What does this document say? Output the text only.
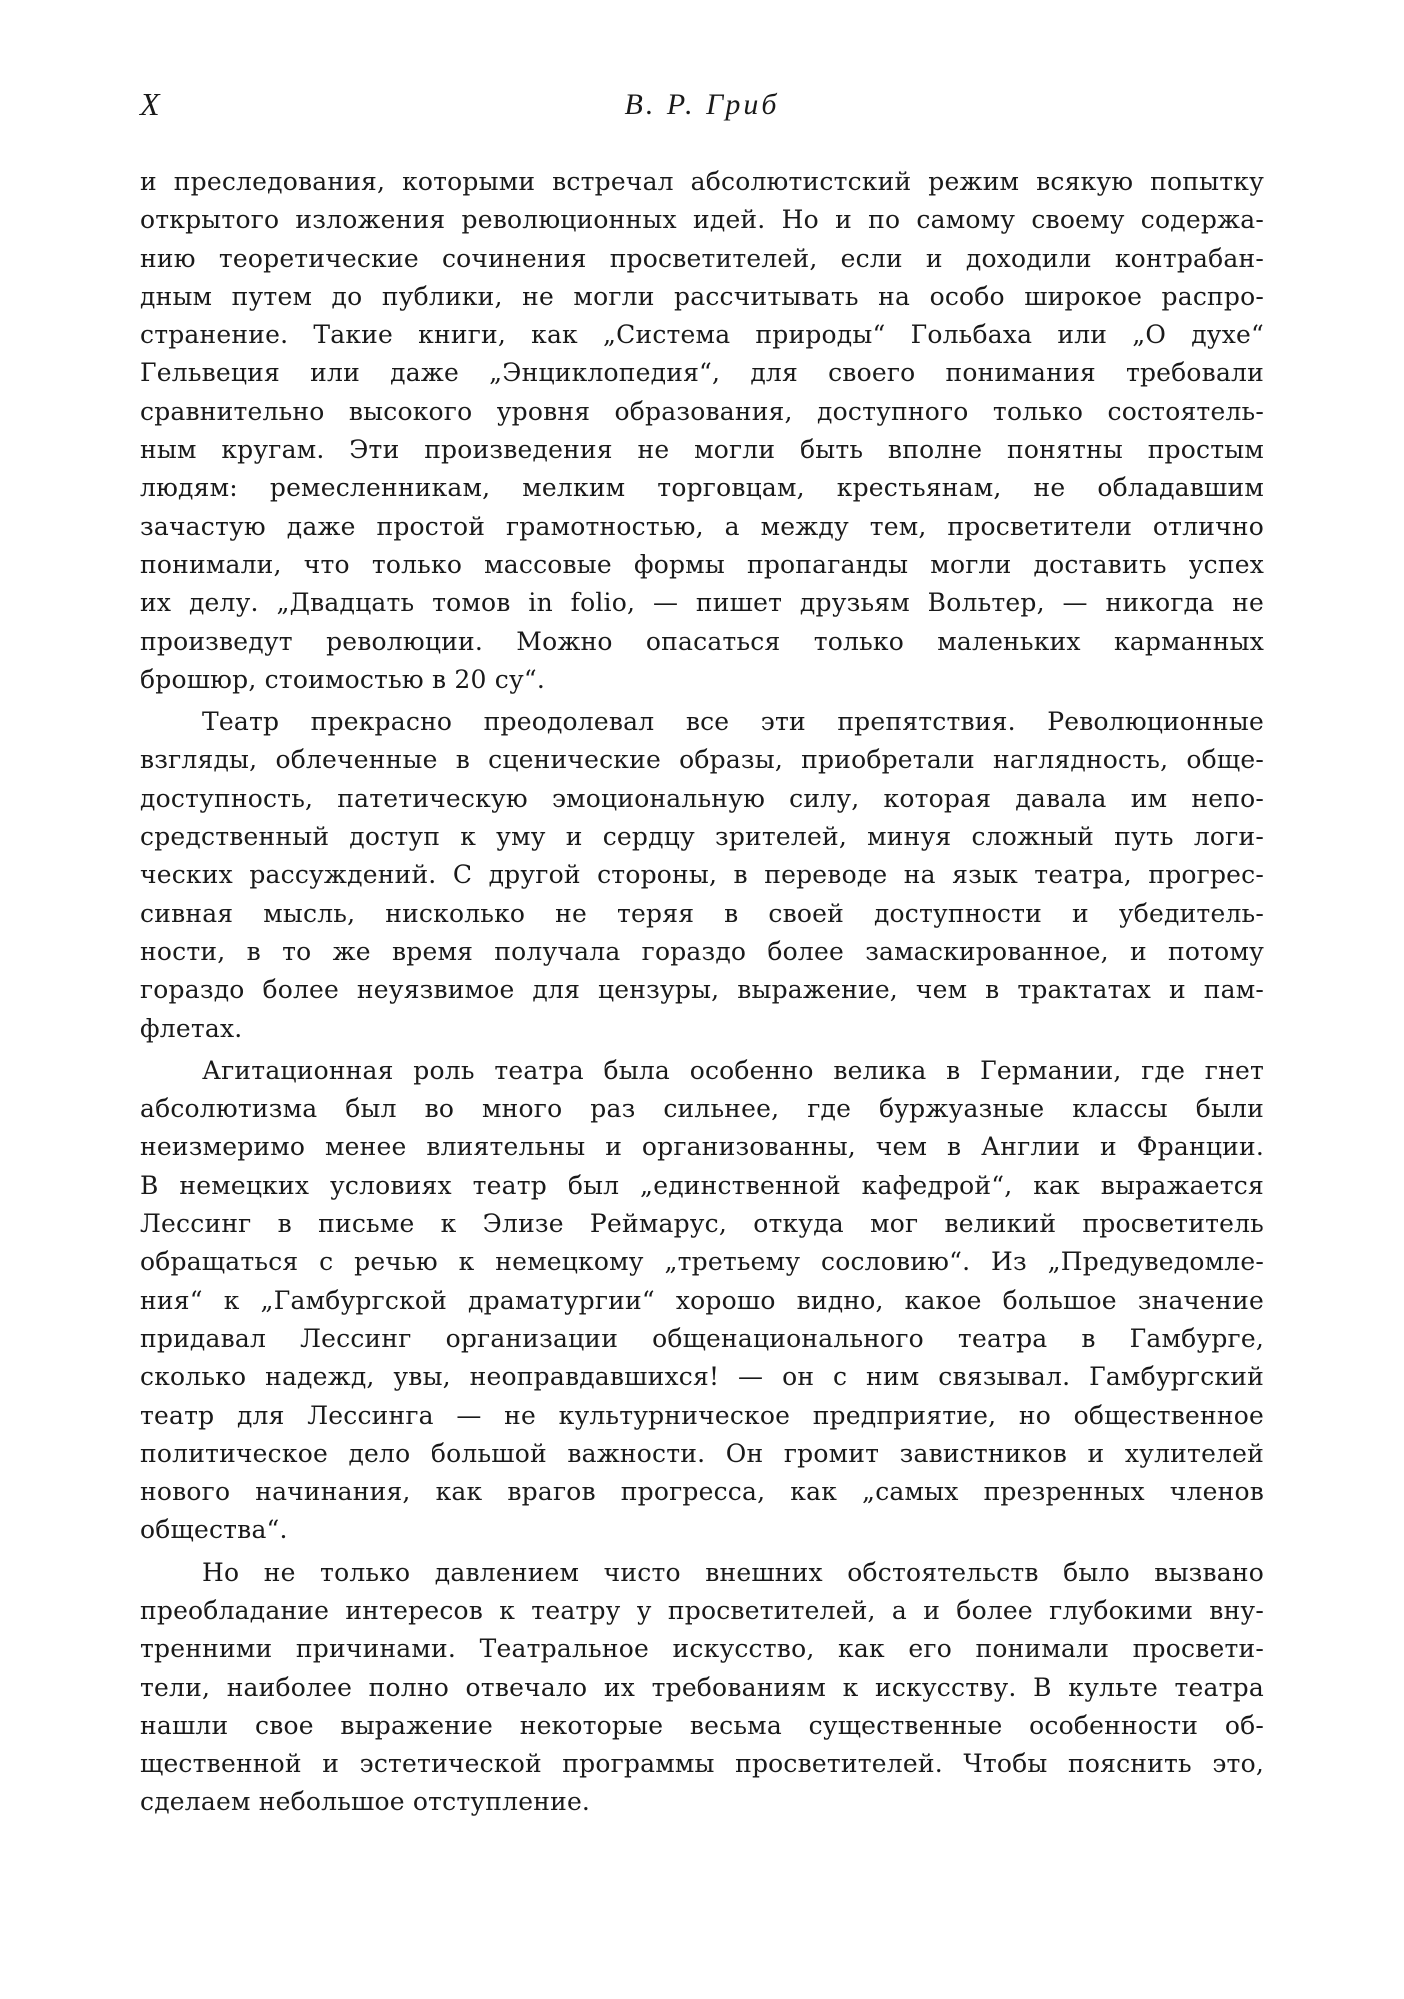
X	В. Р. Гриб
и преследования, которыми встречал абсолютистский режим всякую попытку
открытого изложения революционных идей. Но и по самому своему содержа-
нию теоретические сочинения просветителей, если и доходили контрабан-
дным путем до публики, не могли рассчитывать на особо широкое распро-
странение. Такие книги, как „Система природы“ Гольбаха или „О духе“
Гельвеция или даже „Энциклопедия“, для своего понимания требовали
сравнительно высокого уровня образования, доступного только состоятель-
ным кругам. Эти произведения не могли быть вполне понятны простым
людям: ремесленникам, мелким торговцам, крестьянам, не обладавшим
зачастую даже простой грамотностью, а между тем, просветители отлично
понимали, что только массовые формы пропаганды могли доставить успех
их делу. „Двадцать томов in folio, — пишет друзьям Вольтер, — никогда не
произведут революции. Можно опасаться только маленьких карманных
брошюр, стоимостью в 20 су“.
Театр прекрасно преодолевал все эти препятствия. Революционные
взгляды, облеченные в сценические образы, приобретали наглядность, обще-
доступность, патетическую эмоциональную силу, которая давала им непо-
средственный доступ к уму и сердцу зрителей, минуя сложный путь логи-
ческих рассуждений. С другой стороны, в переводе на язык театра, прогрес-
сивная мысль, нисколько не теряя в своей доступности и убедитель-
ности, в то же время получала гораздо более замаскированное, и потому
гораздо более неуязвимое для цензуры, выражение, чем в трактатах и пам-
флетах.
Агитационная роль театра была особенно велика в Германии, где гнет
абсолютизма был во много раз сильнее, где буржуазные классы были
неизмеримо менее влиятельны и организованны, чем в Англии и Франции.
В немецких условиях театр был „единственной кафедрой“, как выражается
Лессинг в письме к Элизе Реймарус, откуда мог великий просветитель
обращаться с речью к немецкому „третьему сословию“. Из „Предуведомле-
ния“ к „Гамбургской драматургии“ хорошо видно, какое большое значение
придавал Лессинг организации общенационального театра в Гамбурге,
сколько надежд, увы, неоправдавшихся! — он с ним связывал. Гамбургский
театр для Лессинга — не культурническое предприятие, но общественное
политическое дело большой важности. Он громит завистников и хулителей
нового начинания, как врагов прогресса, как „самых презренных членов
общества“.
Но не только давлением чисто внешних обстоятельств было вызвано
преобладание интересов к театру у просветителей, а и более глубокими вну-
тренними причинами. Театральное искусство, как его понимали просвети-
тели, наиболее полно отвечало их требованиям к искусству. В культе театра
нашли свое выражение некоторые весьма существенные особенности об-
щественной и эстетической программы просветителей. Чтобы пояснить это,
сделаем небольшое отступление.
